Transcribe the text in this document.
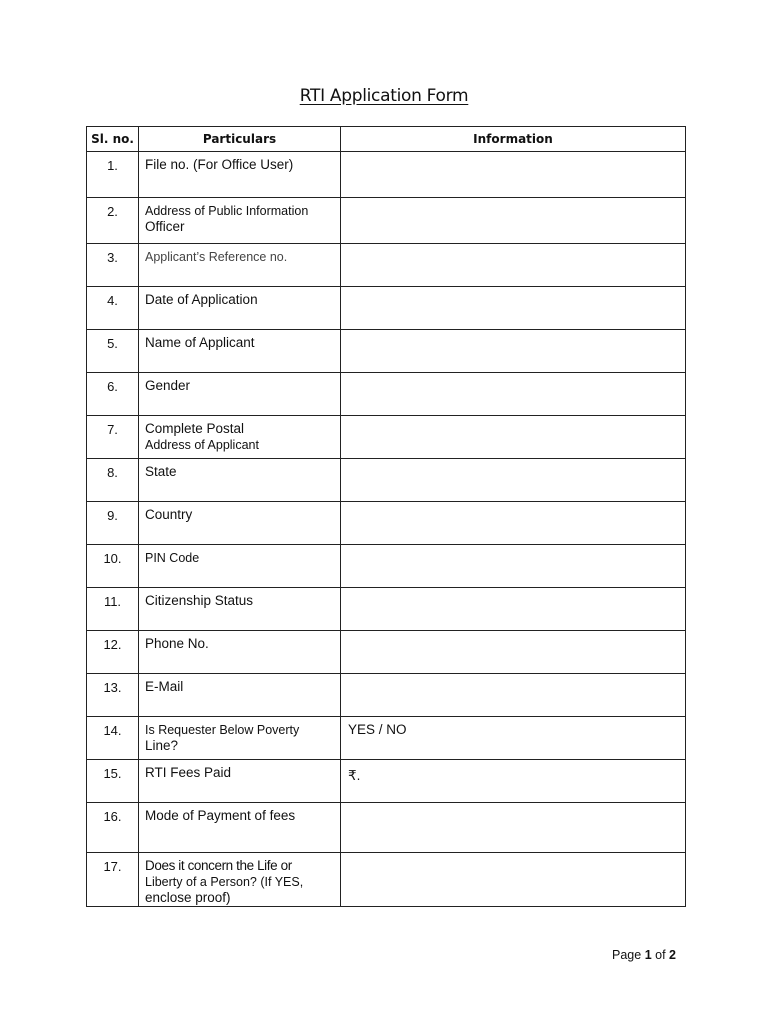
RTI Application Form
Sl. no.	Particulars	Information
1.	File no. (For Office User)	

2.	Address of Public Information
Officer	

3.	Applicant’s Reference no.	

4.	Date of Application	

5.	Name of Applicant	

6.	Gender	

7.	Complete Postal
Address of Applicant	

8.	State	

9.	Country	

10.	PIN Code	

11.	Citizenship Status	

12.	Phone No.	

13.	E-Mail	

14.	Is Requester Below Poverty
Line?	YES / NO
15.	RTI Fees Paid	₹.
16.	Mode of Payment of fees	

17.	Does it concern the Life or
Liberty of a Person? (If YES,
enclose proof)	

Page 1 of 2
